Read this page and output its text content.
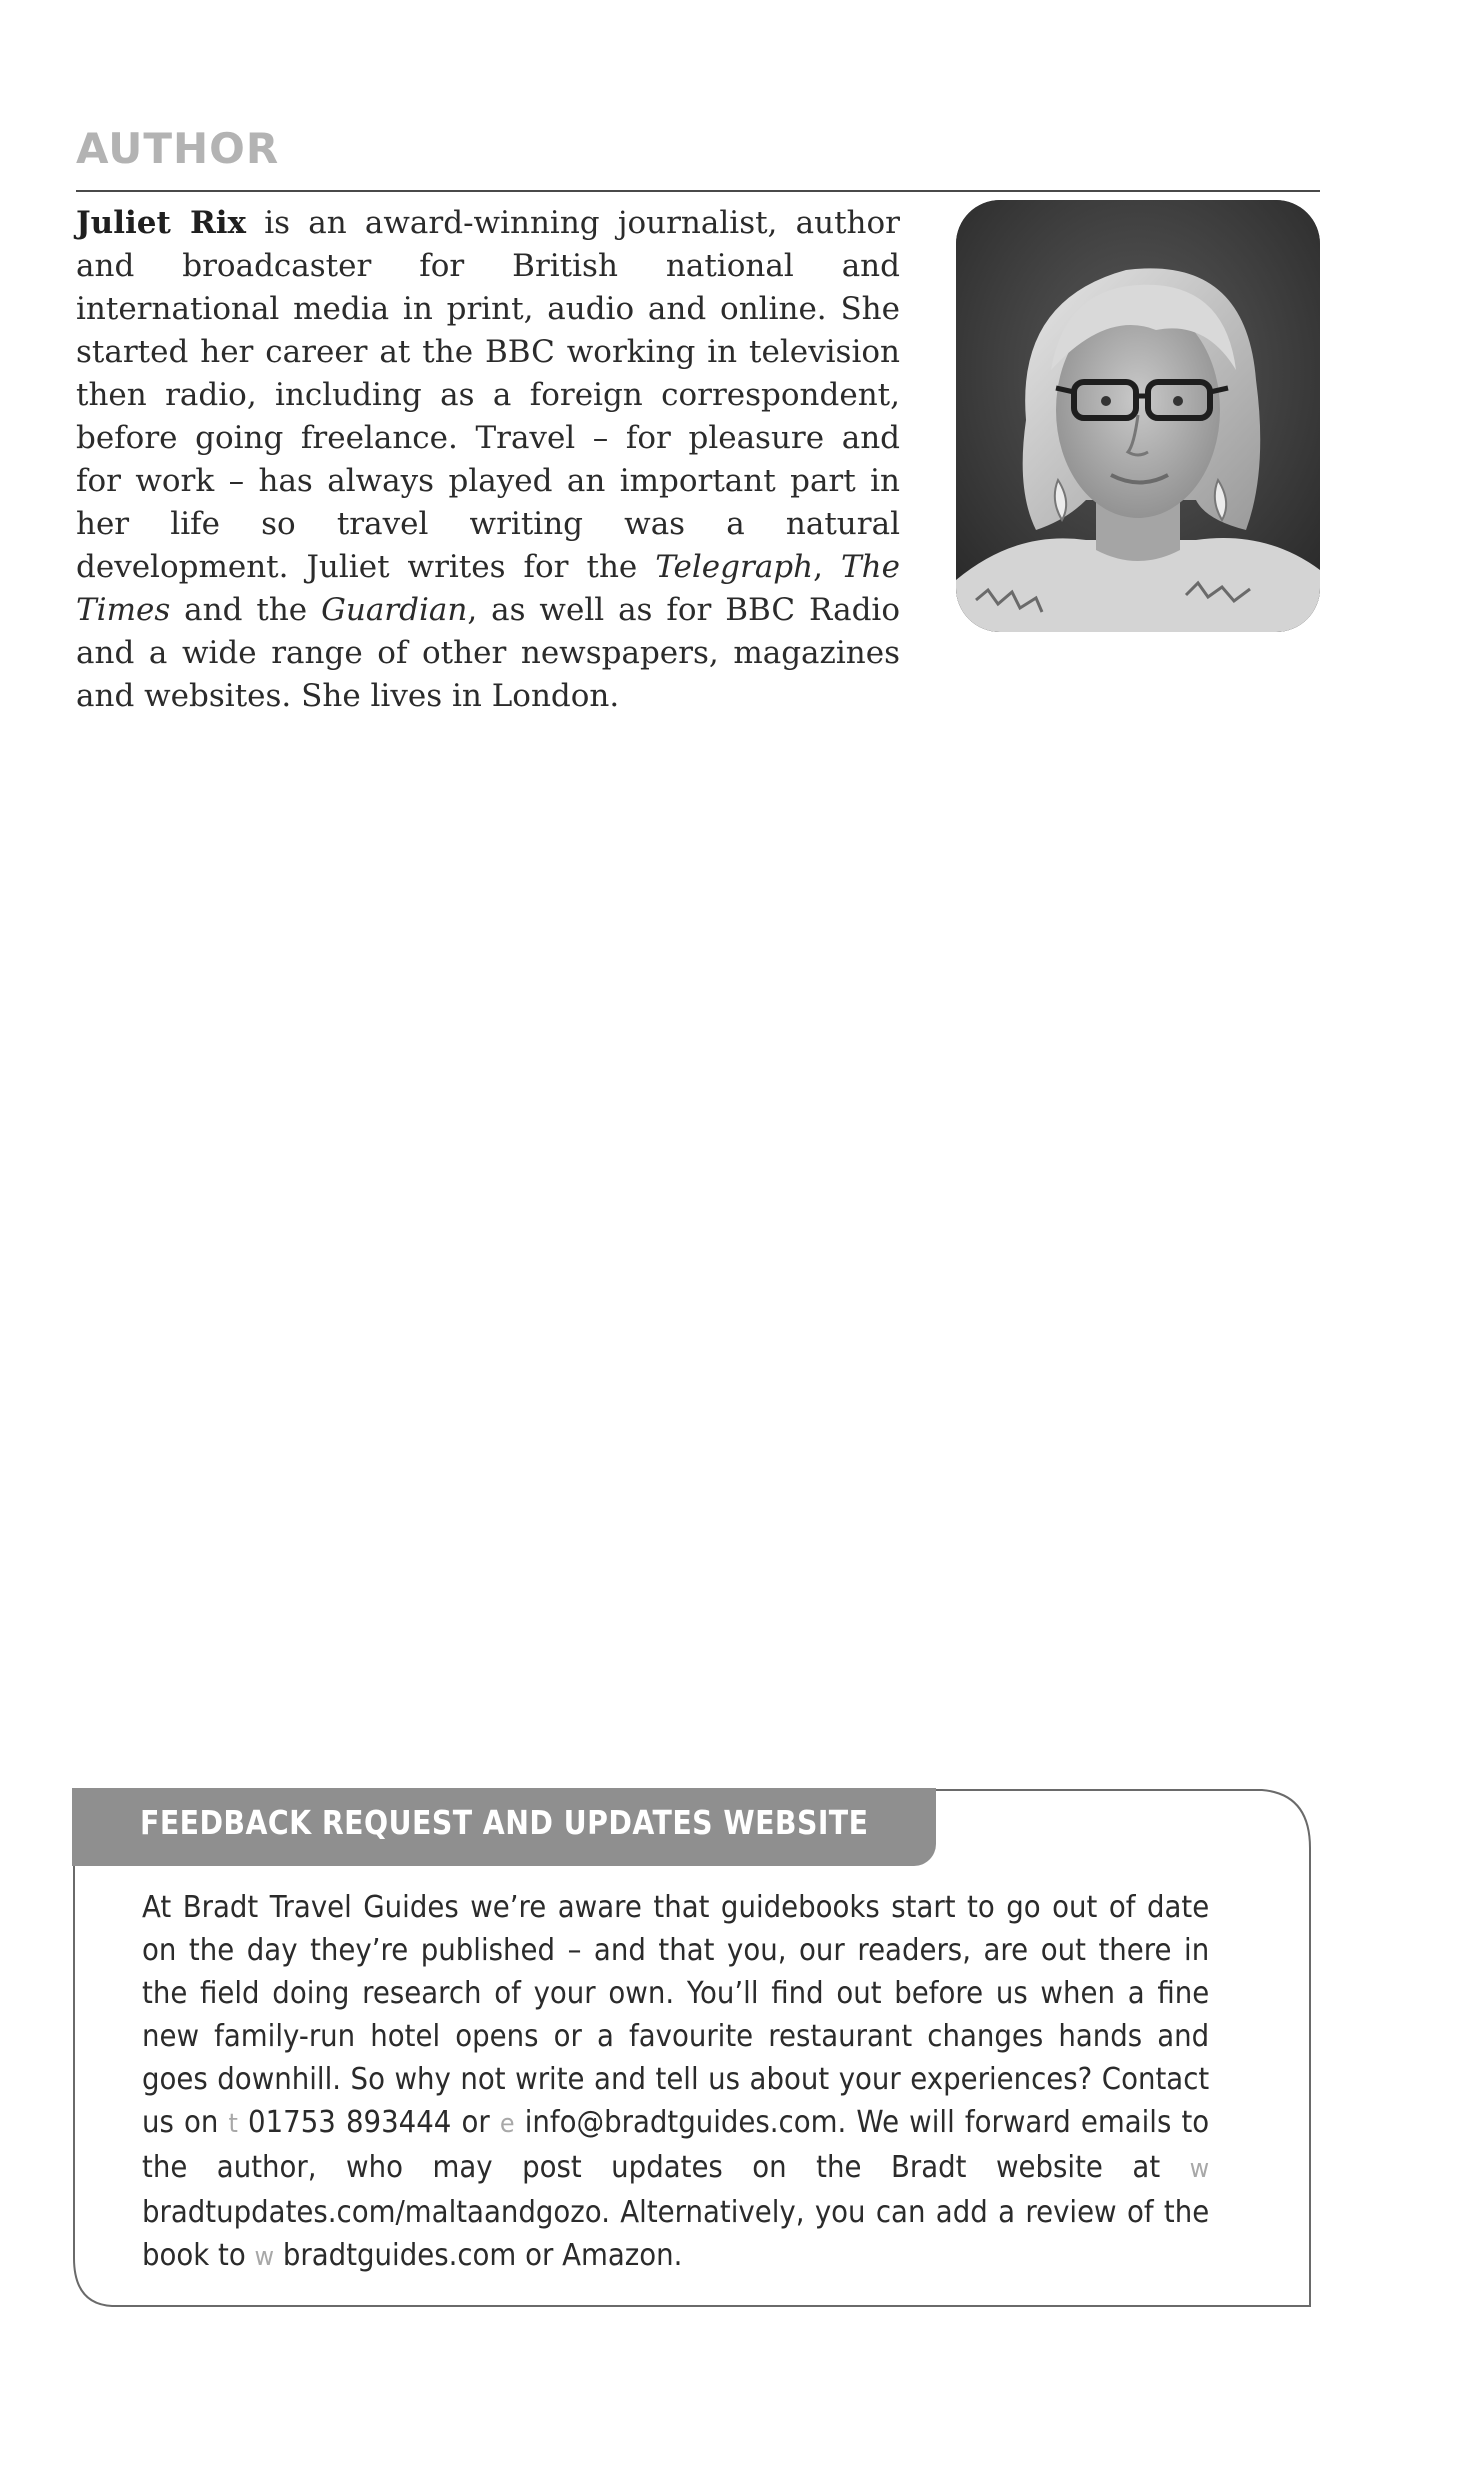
AUTHOR

Juliet Rix is an award-winning journalist, author and broadcaster for British national and international media in print, audio and online. She started her career at the BBC working in television then radio, including as a foreign correspondent, before going freelance. Travel – for pleasure and for work – has always played an important part in her life so travel writing was a natural development. Juliet writes for the Telegraph, The Times and the Guardian, as well as for BBC Radio and a wide range of other newspapers, magazines and websites. She lives in London.

FEEDBACK REQUEST AND UPDATES WEBSITE

At Bradt Travel Guides we’re aware that guidebooks start to go out of date on the day they’re published – and that you, our readers, are out there in the field doing research of your own. You’ll find out before us when a fine new family-run hotel opens or a favourite restaurant changes hands and goes downhill. So why not write and tell us about your experiences? Contact us on t 01753 893444 or e info@bradtguides.com. We will forward emails to the author, who may post updates on the Bradt website at w bradtupdates.com/maltaandgozo. Alternatively, you can add a review of the book to w bradtguides.com or Amazon.
